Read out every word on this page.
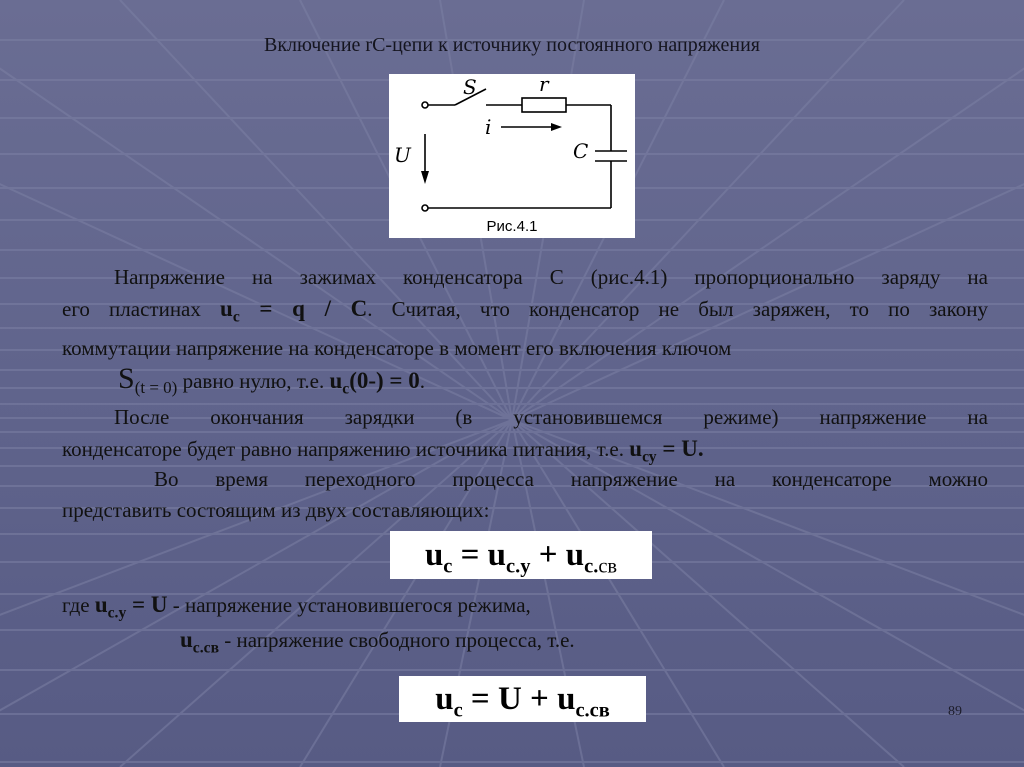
Включение rC-цепи к источнику постоянного напряжения
S	r
i
C
U
Рис.4.1
Напряжение на зажимах конденсатора C (рис.4.1) пропорционально заряду на
его пластинах $u_c = q / C$. Считая, что конденсатор не был заряжен, то по закону
коммутации напряжение на конденсаторе в момент его включения ключом
$S_{(t = 0)}$ равно нулю, т.е. $u_c(0-) = 0$.
После окончания зарядки (в установившемся режиме) напряжение на
конденсаторе будет равно напряжению источника питания, т.е. $u_{су} = U$.
Во время переходного процесса напряжение на конденсаторе можно
представить состоящим из двух составляющих:
$u_c = u_{c.y} + u_{c.св}$
где $u_{c.y} = U$ - напряжение установившегося режима,
$u_{c.св}$ - напряжение свободного процесса, т.е.
$u_c = U + u_{c.св}$	89
